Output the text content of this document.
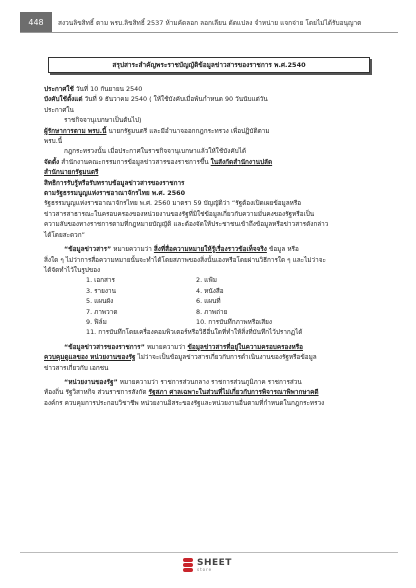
448	สงวนลิขสิทธิ์ ตาม พรบ.ลิขสิทธิ์ 2537 ห้ามคัดลอก ลอกเลียน ดัดแปลง จำหน่าย แจกจ่าย โดยไม่ได้รับอนุญาต
สรุปสาระสำคัญพระราชบัญญัติข้อมูลข่าวสารของราชการ พ.ศ.2540

ประกาศใช้ วันที่ 10 กันยายน 2540

บังคับใช้ตั้งแต่ วันที่ 9 ธันวาคม 2540 ( ให้ใช้บังคับเมื่อพ้นกำหนด 90 วันนับแต่วัน

ประกาศใน

ราชกิจจานุเบกษาเป็นต้นไป)

ผู้รักษาการตาม พรบ.นี้ นายกรัฐมนตรี และมีอำนาจออกกฎกระทรวง เพื่อปฏิบัติตาม

พรบ.นี้

กฎกระทรวงนั้น เมื่อประกาศในราชกิจจานุเบกษาแล้วให้ใช้บังคับได้

จัดตั้ง สำนักงานคณะกรรมการข้อมูลข่าวสารของราชการขึ้น ในสังกัดสำนักงานปลัด

สำนักนายกรัฐมนตรี

สิทธิการรับรู้หรือรับทราบข้อมูลข่าวสารของราชการ

ตามรัฐธรรมนูญแห่งราชอาณาจักรไทย พ.ศ. 2560

รัฐธรรมนูญแห่งราชอาณาจักรไทย พ.ศ. 2560 มาตรา 59 บัญญัติว่า “รัฐต้องเปิดเผยข้อมูลหรือ

ข่าวสารสาธารณะในครอบครองของหน่วยงานของรัฐที่มิใช่ข้อมูลเกี่ยวกับความมั่นคงของรัฐหรือเป็น

ความลับของทางราชการตามที่กฎหมายบัญญัติ และต้องจัดให้ประชาชนเข้าถึงข้อมูลหรือข่าวสารดังกล่าว

ได้โดยสะดวก”

“ข้อมูลข่าวสาร” หมายความว่า สิ่งที่สื่อความหมายให้รู้เรื่องราวข้อเท็จจริง ข้อมูล หรือ

สิ่งใด ๆ ไม่ว่าการสื่อความหมายนั้นจะทำได้โดยสภาพของสิ่งนั้นเองหรือโดยผ่านวิธีการใด ๆ และไม่ว่าจะ

ได้จัดทำไว้ในรูปของ

1. เอกสาร	2. แฟ้ม
3. รายงาน	4. หนังสือ
5. แผนผัง	6. แผนที่
7. ภาพวาด	8. ภาพถ่าย
9. ฟิล์ม	10. การบันทึกภาพหรือเสียง

11. การบันทึกโดยเครื่องคอมพิวเตอร์หรือวิธีอื่นใดที่ทำให้สิ่งที่บันทึกไว้ปรากฏได้

“ข้อมูลข่าวสารของราชการ” หมายความว่า ข้อมูลข่าวสารที่อยู่ในความครอบครองหรือ

ควบคุมดูแลของ หน่วยงานของรัฐ ไม่ว่าจะเป็นข้อมูลข่าวสารเกี่ยวกับการดำเนินงานของรัฐหรือข้อมูล

ข่าวสารเกี่ยวกับ เอกชน

“หน่วยงานของรัฐ” หมายความว่า ราชการส่วนกลาง ราชการส่วนภูมิภาค ราชการส่วน

ท้องถิ่น รัฐวิสาหกิจ ส่วนราชการสังกัด รัฐสภา ศาลเฉพาะในส่วนที่ไม่เกี่ยวกับการพิจารณาพิพากษาคดี

องค์กร ควบคุมการประกอบวิชาชีพ หน่วยงานอิสระของรัฐและหน่วยงานอื่นตามที่กำหนดในกฎกระทรวง

SHEET
store
